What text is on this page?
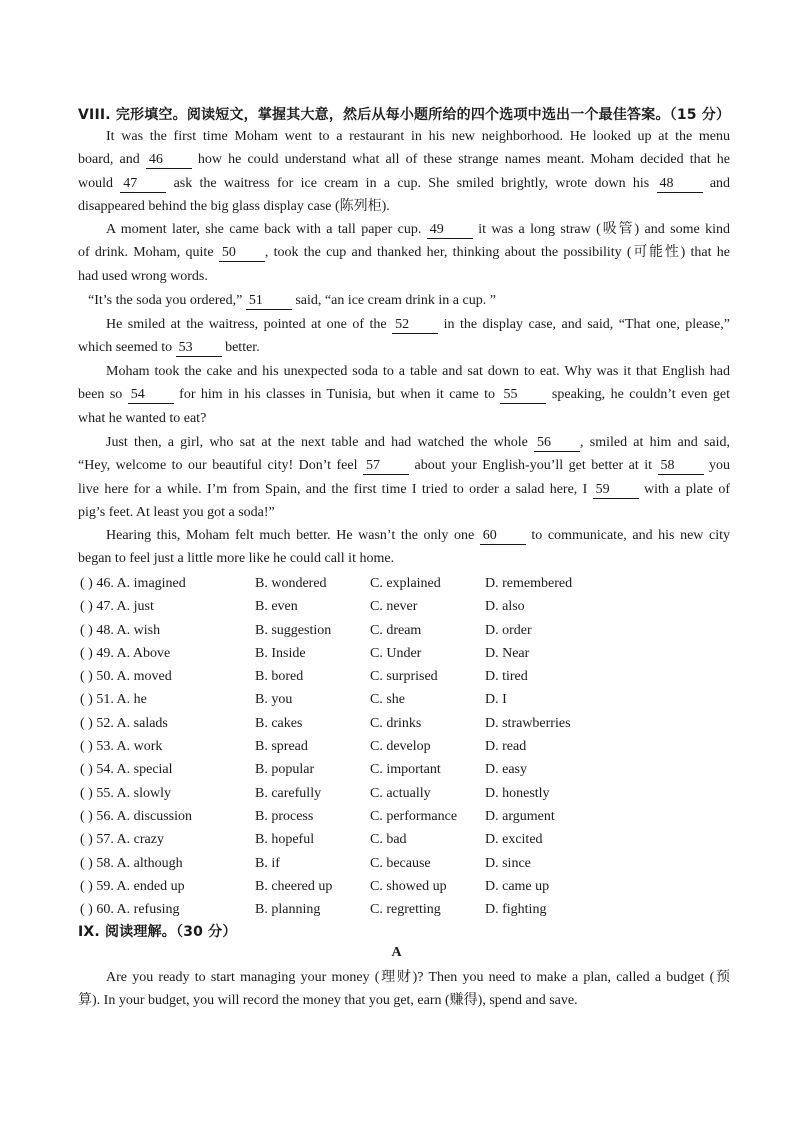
VIII. 完形填空。阅读短文，掌握其大意，然后从每小题所给的四个选项中选出一个最佳答案。（15 分）
It was the first time Moham went to a restaurant in his new neighborhood. He looked up at the menu
board, and 46	how he could understand what all of these strange names meant. Moham decided that he
would 47	ask the waitress for ice cream in a cup. She smiled brightly, wrote down his 48	and
disappeared behind the big glass display case (陈列柜).
A moment later, she came back with a tall paper cup. 49 it was a long straw (吸管) and some kind
of drink. Moham, quite 50 , took the cup and thanked her, thinking about the possibility (可能性) that he
had used wrong words.
“It’s the soda you ordered,” 51 said, “an ice cream drink in a cup. ”
He smiled at the waitress, pointed at one of the 52 in the display case, and said, “That one, please,”
which seemed to 53 better.
Moham took the cake and his unexpected soda to a table and sat down to eat. Why was it that English had
been so 54 for him in his classes in Tunisia, but when it came to 55 speaking, he couldn’t even get
what he wanted to eat?
Just then, a girl, who sat at the next table and had watched the whole 56 , smiled at him and said,
“Hey, welcome to our beautiful city! Don’t feel 57 about your English-you’ll get better at it 58 you
live here for a while. I’m from Spain, and the first time I tried to order a salad here, I 59 with a plate of
pig’s feet. At least you got a soda!”
Hearing this, Moham felt much better. He wasn’t the only one 60 to communicate, and his new city
began to feel just a little more like he could call it home.
( ) 46. A. imagined	B. wondered	C. explained	D. remembered
( ) 47. A. just	B. even	C. never	D. also
( ) 48. A. wish	B. suggestion	C. dream	D. order
( ) 49. A. Above	B. Inside	C. Under	D. Near
( ) 50. A. moved	B. bored	C. surprised	D. tired
( ) 51. A. he	B. you	C. she	D. I
( ) 52. A. salads	B. cakes	C. drinks	D. strawberries
( ) 53. A. work	B. spread	C. develop	D. read
( ) 54. A. special	B. popular	C. important	D. easy
( ) 55. A. slowly	B. carefully	C. actually	D. honestly
( ) 56. A. discussion	B. process	C. performance D. argument
( ) 57. A. crazy	B. hopeful	C. bad	D. excited
( ) 58. A. although	B. if	C. because	D. since
( ) 59. A. ended up	B. cheered up	C. showed up	D. came up
( ) 60. A. refusing	B. planning	C. regretting	D. fighting
IX. 阅读理解。（30 分）
A
Are you ready to start managing your money (理财)? Then you need to make a plan, called a budget (预
算). In your budget, you will record the money that you get, earn (赚得), spend and save.
